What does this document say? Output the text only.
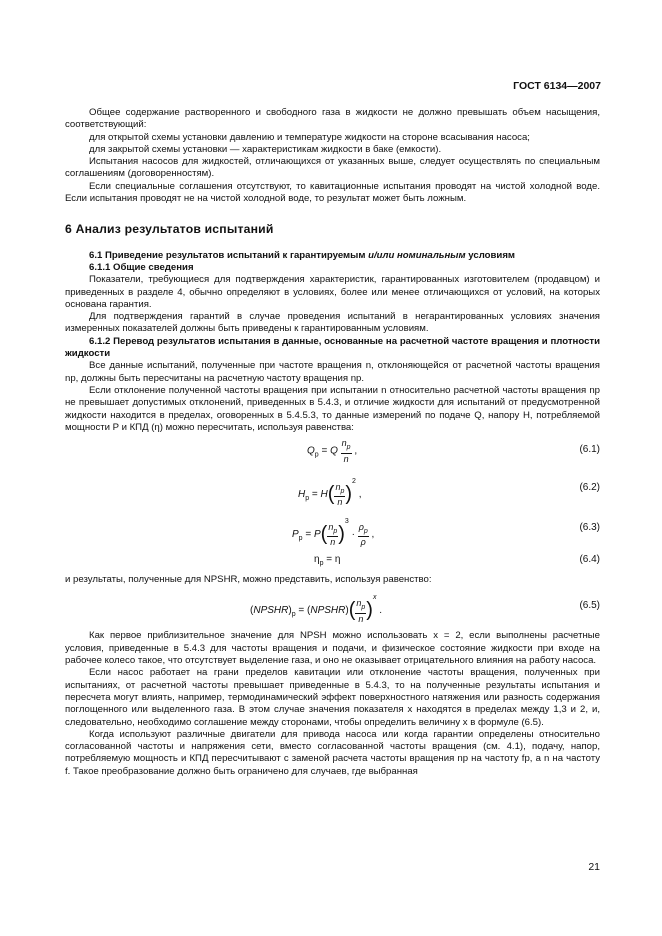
ГОСТ 6134—2007

Общее содержание растворенного и свободного газа в жидкости не должно превышать объем насыщения, соответствующий:

для открытой схемы установки давлению и температуре жидкости на стороне всасывания насоса;

для закрытой схемы установки — характеристикам жидкости в баке (емкости).

Испытания насосов для жидкостей, отличающихся от указанных выше, следует осуществлять по специальным соглашениям (договоренностям).

Если специальные соглашения отсутствуют, то кавитационные испытания проводят на чистой холодной воде. Если испытания проводят не на чистой холодной воде, то результат может быть ложным.

6 Анализ результатов испытаний

6.1 Приведение результатов испытаний к гарантируемым и/или номинальным условиям

6.1.1 Общие сведения

Показатели, требующиеся для подтверждения характеристик, гарантированных изготовителем (продавцом) и приведенных в разделе 4, обычно определяют в условиях, более или менее отличающихся от условий, на которых основана гарантия.

Для подтверждения гарантий в случае проведения испытаний в негарантированных условиях значения измеренных показателей должны быть приведены к гарантированным условиям.

6.1.2 Перевод результатов испытания в данные, основанные на расчетной частоте вращения и плотности жидкости

Все данные испытаний, полученные при частоте вращения n, отклоняющейся от расчетной частоты вращения nр, должны быть пересчитаны на расчетную частоту вращения nр.

Если отклонение полученной частоты вращения при испытании n относительно расчетной частоты вращения nр не превышает допустимых отклонений, приведенных в 5.4.3, и отличие жидкости для испытаний от предусмотренной жидкости находится в пределах, оговоренных в 5.4.5.3, то данные измерений по подаче Q, напору H, потребляемой мощности P и КПД (η) можно пересчитать, используя равенства:

$Q_p = Q \frac{n_p}{n}$ ,	(6.1)
$H_p = H( \frac{n_p}{n} )^2$ ,
(6.2)
$P_p = P( \frac{n_p}{n} )^3 \cdot \frac{\rho_p}{\rho}$ ,
(6.3)
$\eta_p = \eta$	(6.4)

и результаты, полученные для NPSHR, можно представить, используя равенство:

$(NPSHR)_p$ = (NPSHR)( $\frac{n_p}{n} )^x$ .	(6.5)

Как первое приблизительное значение для NPSH можно использовать x = 2, если выполнены расчетные условия, приведенные в 5.4.3 для частоты вращения и подачи, и физическое состояние жидкости при входе на рабочее колесо такое, что отсутствует выделение газа, и оно не оказывает отрицательного влияния на работу насоса.

Если насос работает на грани пределов кавитации или отклонение частоты вращения, полученных при испытаниях, от расчетной частоты превышает приведенные в 5.4.3, то на полученные результаты испытания и пересчета могут влиять, например, термодинамический эффект поверхностного натяжения или разность содержания поглощенного или выделенного газа. В этом случае значения показателя x находятся в пределах между 1,3 и 2, и, следовательно, необходимо соглашение между сторонами, чтобы определить величину x в формуле (6.5).

Когда используют различные двигатели для привода насоса или когда гарантии определены относительно согласованной частоты и напряжения сети, вместо согласованной частоты вращения (см. 4.1), подачу, напор, потребляемую мощность и КПД пересчитывают с заменой расчета частоты вращения nр на частоту fр, а n на частоту f. Такое преобразование должно быть ограничено для случаев, где выбранная

21
